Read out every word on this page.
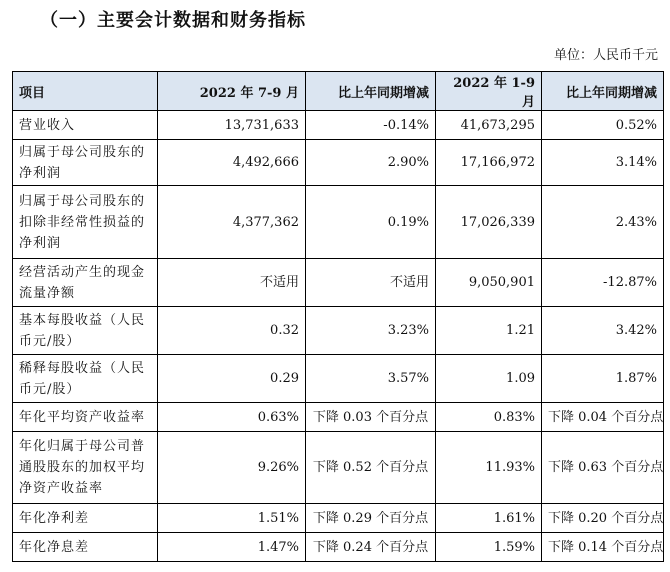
（一）主要会计数据和财务指标
单位：人民币千元
项目	2022 年 7-9 月	比上年同期增减	2022 年 1-9 月	比上年同期增减
营业收入	13,731,633	-0.14%	41,673,295	0.52%
归属于母公司股东的净利润	4,492,666	2.90%	17,166,972	3.14%
归属于母公司股东的扣除非经常性损益的净利润	4,377,362	0.19%	17,026,339	2.43%
经营活动产生的现金流量净额	不适用	不适用	9,050,901	-12.87%
基本每股收益（人民币元/股）	0.32	3.23%	1.21	3.42%
稀释每股收益（人民币元/股）	0.29	3.57%	1.09	1.87%
年化平均资产收益率	0.63%	下降 0.03 个百分点	0.83%	下降 0.04 个百分点
年化归属于母公司普通股股东的加权平均净资产收益率	9.26%	下降 0.52 个百分点	11.93%	下降 0.63 个百分点
年化净利差	1.51%	下降 0.29 个百分点	1.61%	下降 0.20 个百分点
年化净息差	1.47%	下降 0.24 个百分点	1.59%	下降 0.14 个百分点
